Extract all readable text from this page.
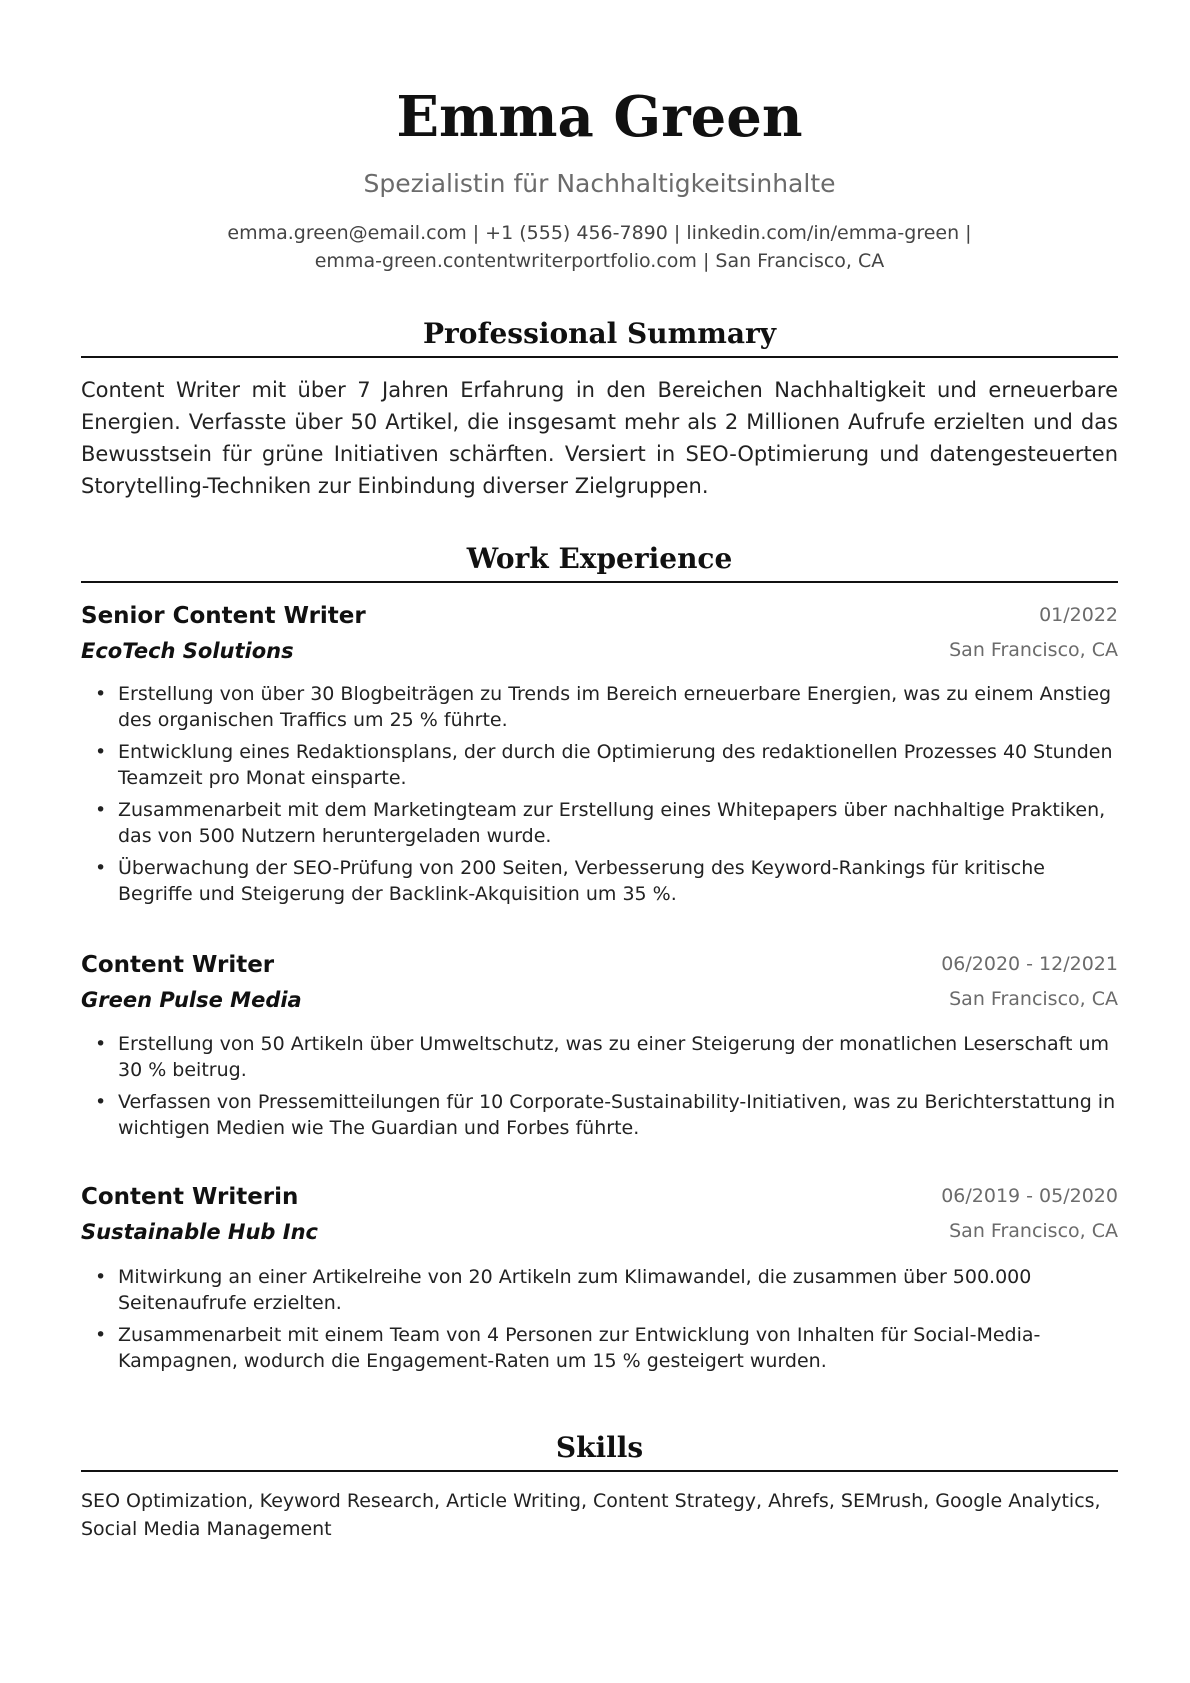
Emma Green

Spezialistin für Nachhaltigkeitsinhalte

emma.green@email.com | +1 (555) 456-7890 | linkedin.com/in/emma-green |
emma-green.contentwriterportfolio.com | San Francisco, CA
Professional Summary

Content Writer mit über 7 Jahren Erfahrung in den Bereichen Nachhaltigkeit und erneuerbare Energien. Verfasste über 50 Artikel, die insgesamt mehr als 2 Millionen Aufrufe erzielten und das Bewusstsein für grüne Initiativen schärften. Versiert in SEO-Optimierung und datengesteuerten Storytelling-Techniken zur Einbindung diverser Zielgruppen.

Work Experience
Senior Content Writer	01/2022
EcoTech Solutions	San Francisco, CA
• Erstellung von über 30 Blogbeiträgen zu Trends im Bereich erneuerbare Energien, was zu einem Anstieg des organischen Traffics um 25 % führte.
• Entwicklung eines Redaktionsplans, der durch die Optimierung des redaktionellen Prozesses 40 Stunden Teamzeit pro Monat einsparte.
• Zusammenarbeit mit dem Marketingteam zur Erstellung eines Whitepapers über nachhaltige Praktiken, das von 500 Nutzern heruntergeladen wurde.
• Überwachung der SEO-Prüfung von 200 Seiten, Verbesserung des Keyword-Rankings für kritische Begriffe und Steigerung der Backlink-Akquisition um 35 %.
Content Writer	06/2020 - 12/2021
Green Pulse Media	San Francisco, CA
• Erstellung von 50 Artikeln über Umweltschutz, was zu einer Steigerung der monatlichen Leserschaft um 30 % beitrug.
• Verfassen von Pressemitteilungen für 10 Corporate-Sustainability-Initiativen, was zu Berichterstattung in wichtigen Medien wie The Guardian und Forbes führte.
Content Writerin	06/2019 - 05/2020
Sustainable Hub Inc	San Francisco, CA
• Mitwirkung an einer Artikelreihe von 20 Artikeln zum Klimawandel, die zusammen über 500.000 Seitenaufrufe erzielten.
• Zusammenarbeit mit einem Team von 4 Personen zur Entwicklung von Inhalten für Social-Media-Kampagnen, wodurch die Engagement-Raten um 15 % gesteigert wurden.
Skills

SEO Optimization, Keyword Research, Article Writing, Content Strategy, Ahrefs, SEMrush, Google Analytics, Social Media Management
